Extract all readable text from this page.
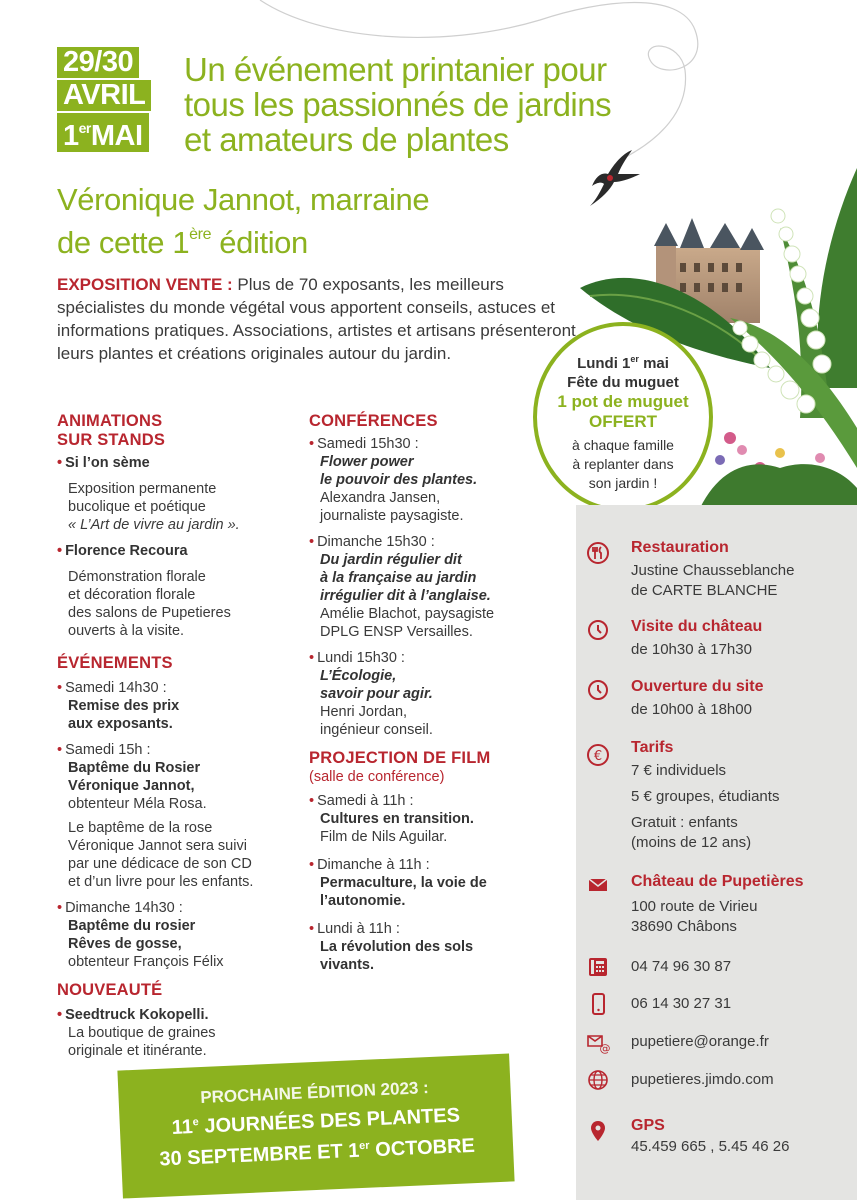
29/30
AVRIL
1erMAI
Un événement printanier pour
tous les passionnés de jardins
et amateurs de plantes
Véronique Jannot, marraine
de cette 1ère édition
EXPOSITION VENTE : Plus de 70 exposants, les meilleurs spécialistes du monde végétal vous apportent conseils, astuces et informations pratiques. Associations, artistes et artisans présenteront leurs plantes et créations originales autour du jardin.
Lundi 1er mai
Fête du muguet
1 pot de muguet
OFFERT
à chaque famille
à replanter dans
son jardin !
ANIMATIONS
SUR STANDS
• Si l’on sème
Exposition permanente
bucolique et poétique
« L’Art de vivre au jardin ».
• Florence Recoura
Démonstration florale
et décoration florale
des salons de Pupetieres
ouverts à la visite.
ÉVÉNEMENTS
• Samedi 14h30 :
Remise des prix
aux exposants.
• Samedi 15h :
Baptême du Rosier
Véronique Jannot,
obtenteur Méla Rosa.
Le baptême de la rose
Véronique Jannot sera suivi
par une dédicace de son CD
et d’un livre pour les enfants.
• Dimanche 14h30 :
Baptême du rosier
Rêves de gosse,
obtenteur François Félix
NOUVEAUTÉ
• Seedtruck Kokopelli.
La boutique de graines
originale et itinérante.
CONFÉRENCES
• Samedi 15h30 :
Flower power
le pouvoir des plantes.
Alexandra Jansen,
journaliste paysagiste.
• Dimanche 15h30 :
Du jardin régulier dit
à la française au jardin
irrégulier dit à l’anglaise.
Amélie Blachot, paysagiste
DPLG ENSP Versailles.
• Lundi 15h30 :
L’Écologie,
savoir pour agir.
Henri Jordan,
ingénieur conseil.
PROJECTION DE FILM
(salle de conférence)
• Samedi à 11h :
Cultures en transition.
Film de Nils Aguilar.
• Dimanche à 11h :
Permaculture, la voie de
l’autonomie.
• Lundi à 11h :
La révolution des sols
vivants.
Restauration
Justine Chausseblanche
de CARTE BLANCHE
Visite du château
de 10h30 à 17h30
Ouverture du site
de 10h00 à 18h00
€
Tarifs
7 € individuels
5 € groupes, étudiants
Gratuit : enfants
(moins de 12 ans)
Château de Pupetières
100 route de Virieu
38690 Châbons
04 74 96 30 87
06 14 30 27 31
@ pupetiere@orange.fr
pupetieres.jimdo.com
GPS
45.459 665 , 5.45 46 26
PROCHAINE ÉDITION 2023 :
11e JOURNÉES DES PLANTES
30 SEPTEMBRE ET 1er OCTOBRE
